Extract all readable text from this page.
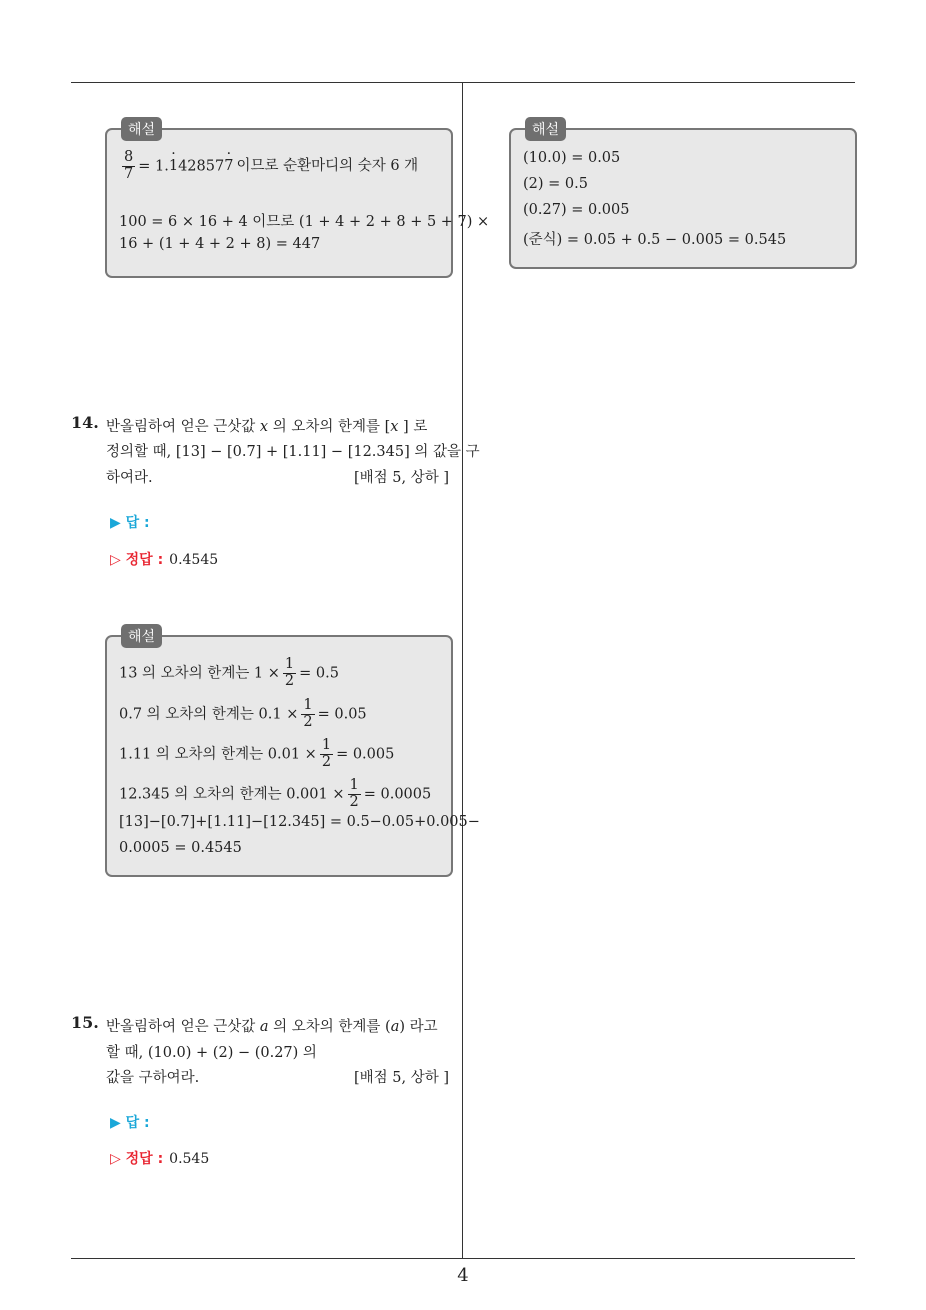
해설
$\frac{8}{7} = 1.\cdot 142857\cdot 7$ 이므로 순환마디의 숫자 6 개
100 = 6 × 16 + 4 이므로 (1 + 4 + 2 + 8 + 5 + 7) ×
16 + (1 + 4 + 2 + 8) = 447
14. 반올림하여 얻은 근삿값 x 의 오차의 한계를 [x ] 로
정의할 때, [13] − [0.7] + [1.11] − [12.345] 의 값을 구
하여라.	[배점 5, 상하 ]
▶ 답 :
▷ 정답 : 0.4545
해설
13 의 오차의 한계는 $1 \times \frac{1}{2} = 0.5$
0.7 의 오차의 한계는 $0.1 \times \frac{1}{2} = 0.05$
1.11 의 오차의 한계는 $0.01 \times \frac{1}{2} = 0.005$
12.345 의 오차의 한계는 $0.001 \times \frac{1}{2} = 0.0005$
[13]−[0.7]+[1.11]−[12.345] = 0.5−0.05+0.005−
0.0005 = 0.4545
15. 반올림하여 얻은 근삿값 a 의 오차의 한계를 (a) 라고
할 때, (10.0) + (2) − (0.27) 의
값을 구하여라.	[배점 5, 상하 ]
▶ 답 :
▷ 정답 : 0.545
해설
(10.0) = 0.05
(2) = 0.5
(0.27) = 0.005
(준식) = 0.05 + 0.5 − 0.005 = 0.545
4
